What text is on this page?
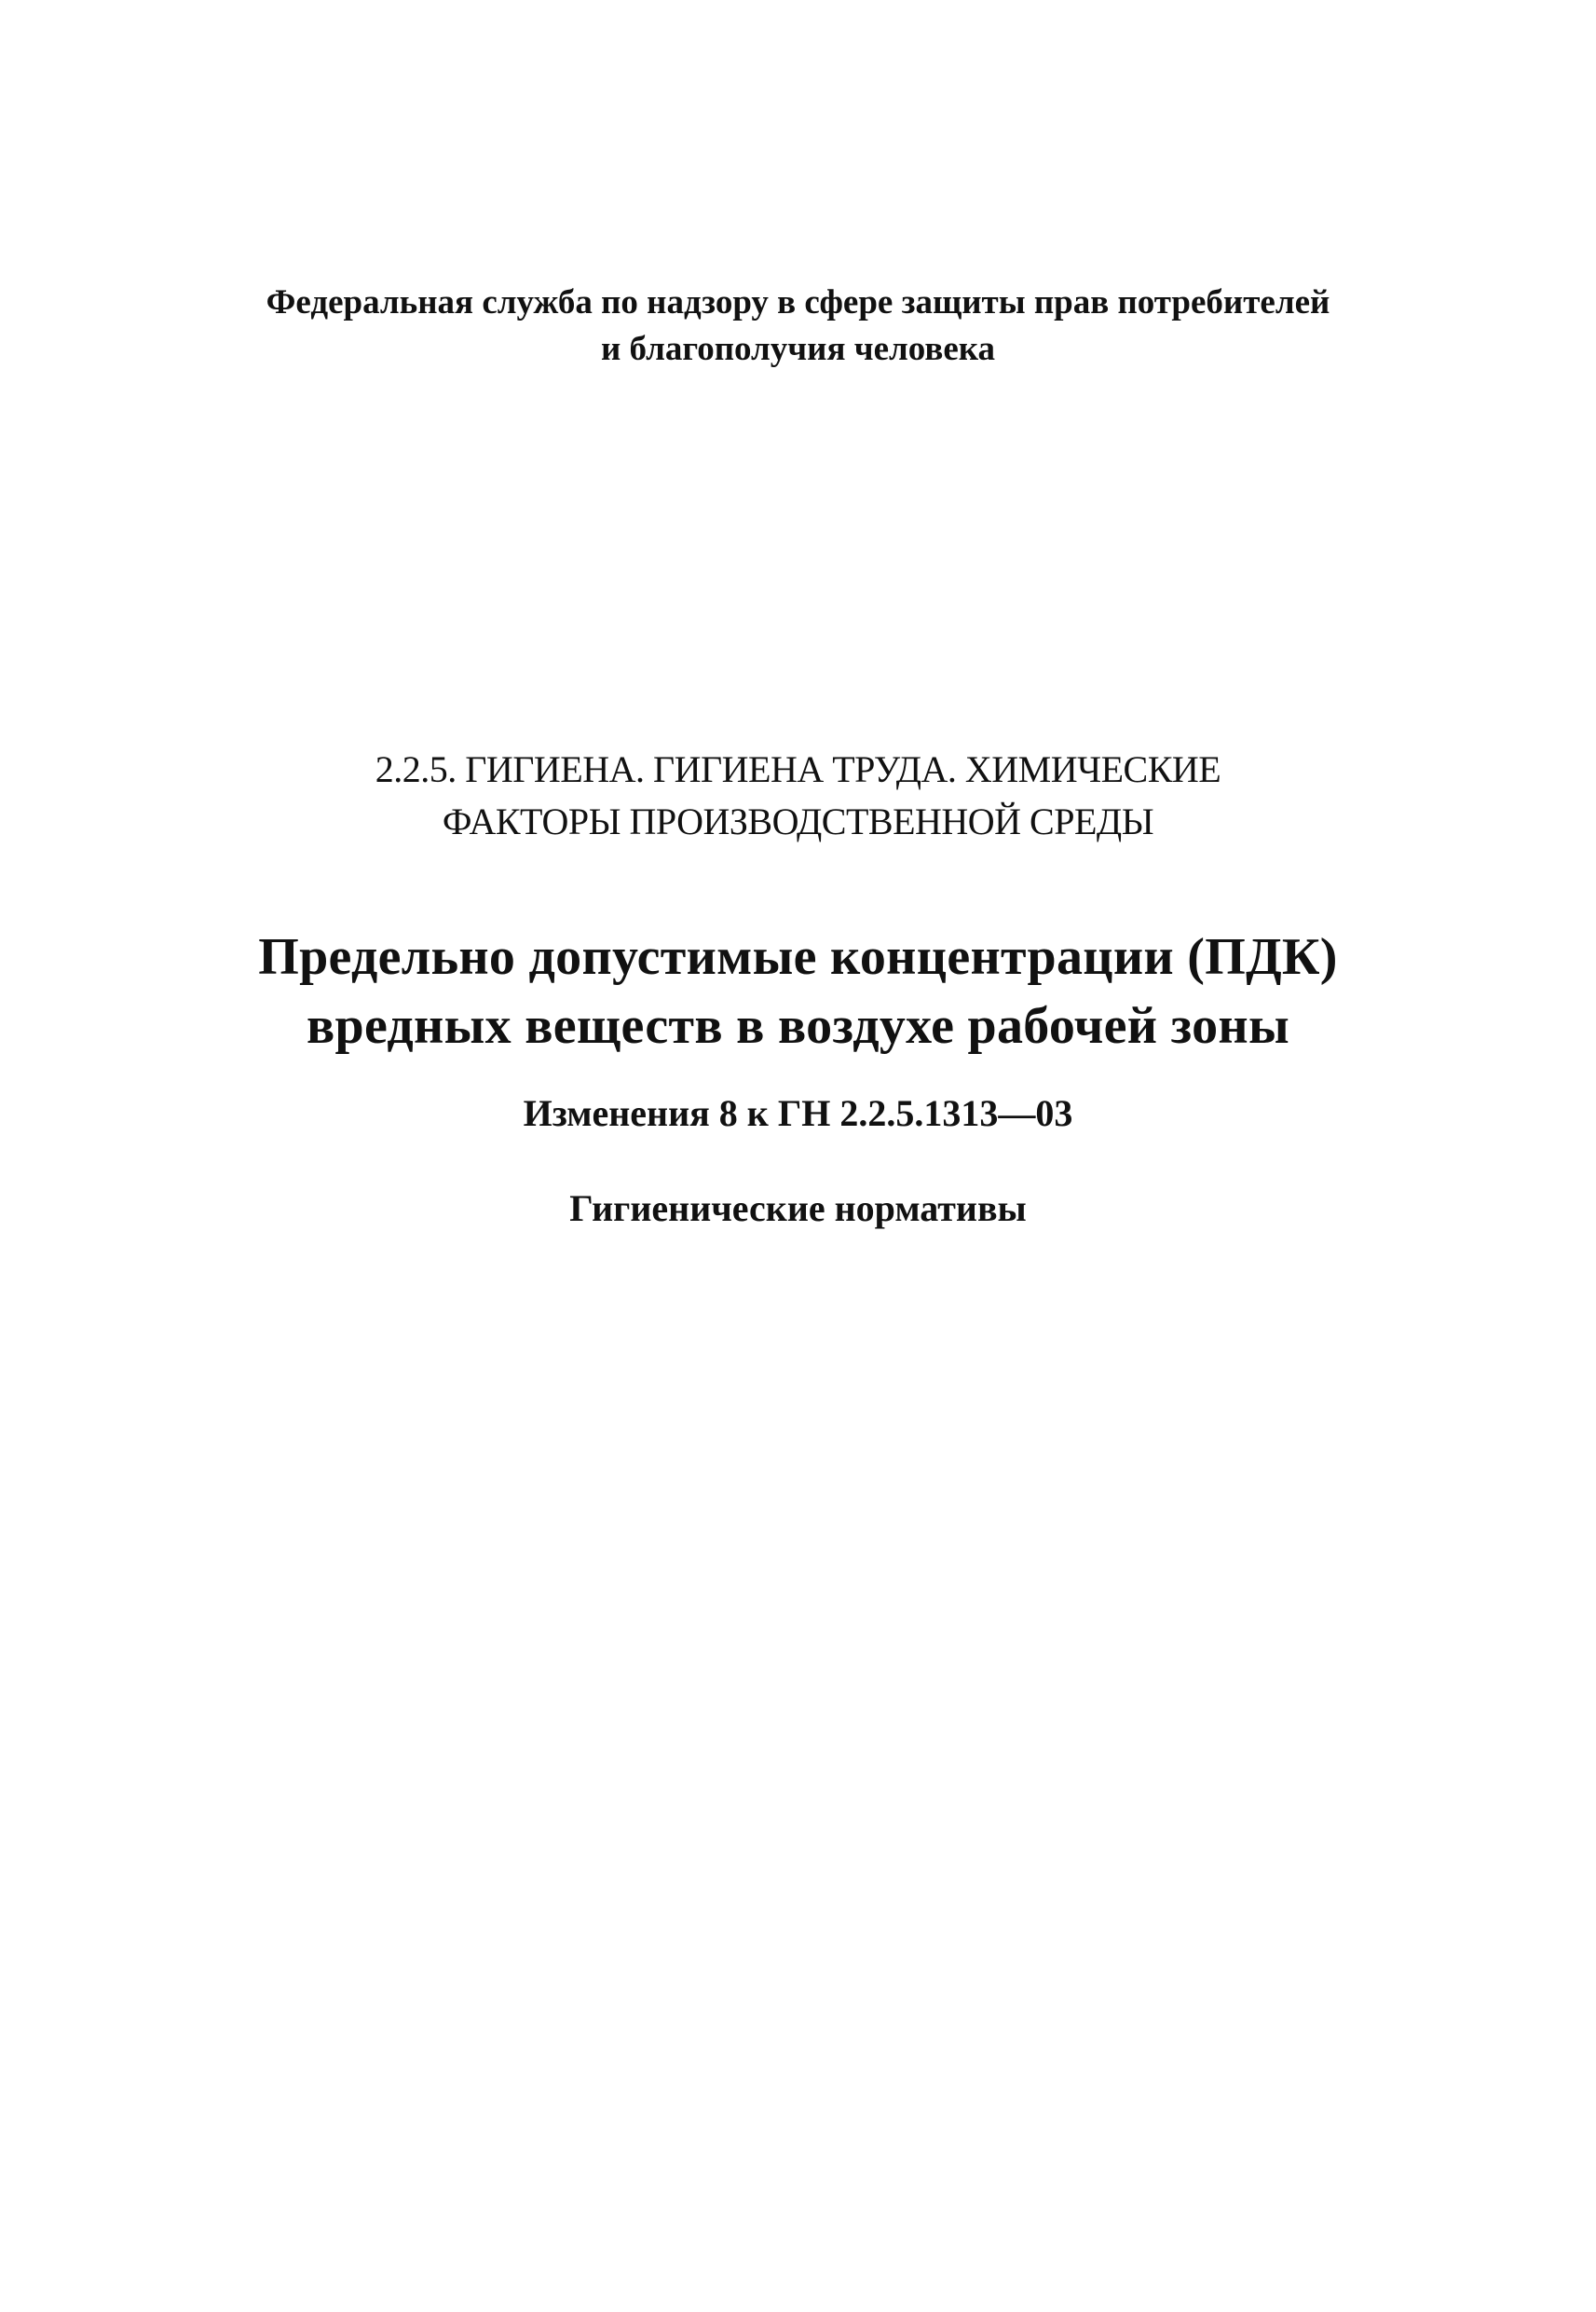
Федеральная служба по надзору в сфере защиты прав потребителей
и благополучия человека
2.2.5. ГИГИЕНА. ГИГИЕНА ТРУДА. ХИМИЧЕСКИЕ
ФАКТОРЫ ПРОИЗВОДСТВЕННОЙ СРЕДЫ
Предельно допустимые концентрации (ПДК)
вредных веществ в воздухе рабочей зоны
Изменения 8 к ГН 2.2.5.1313—03
Гигиенические нормативы
